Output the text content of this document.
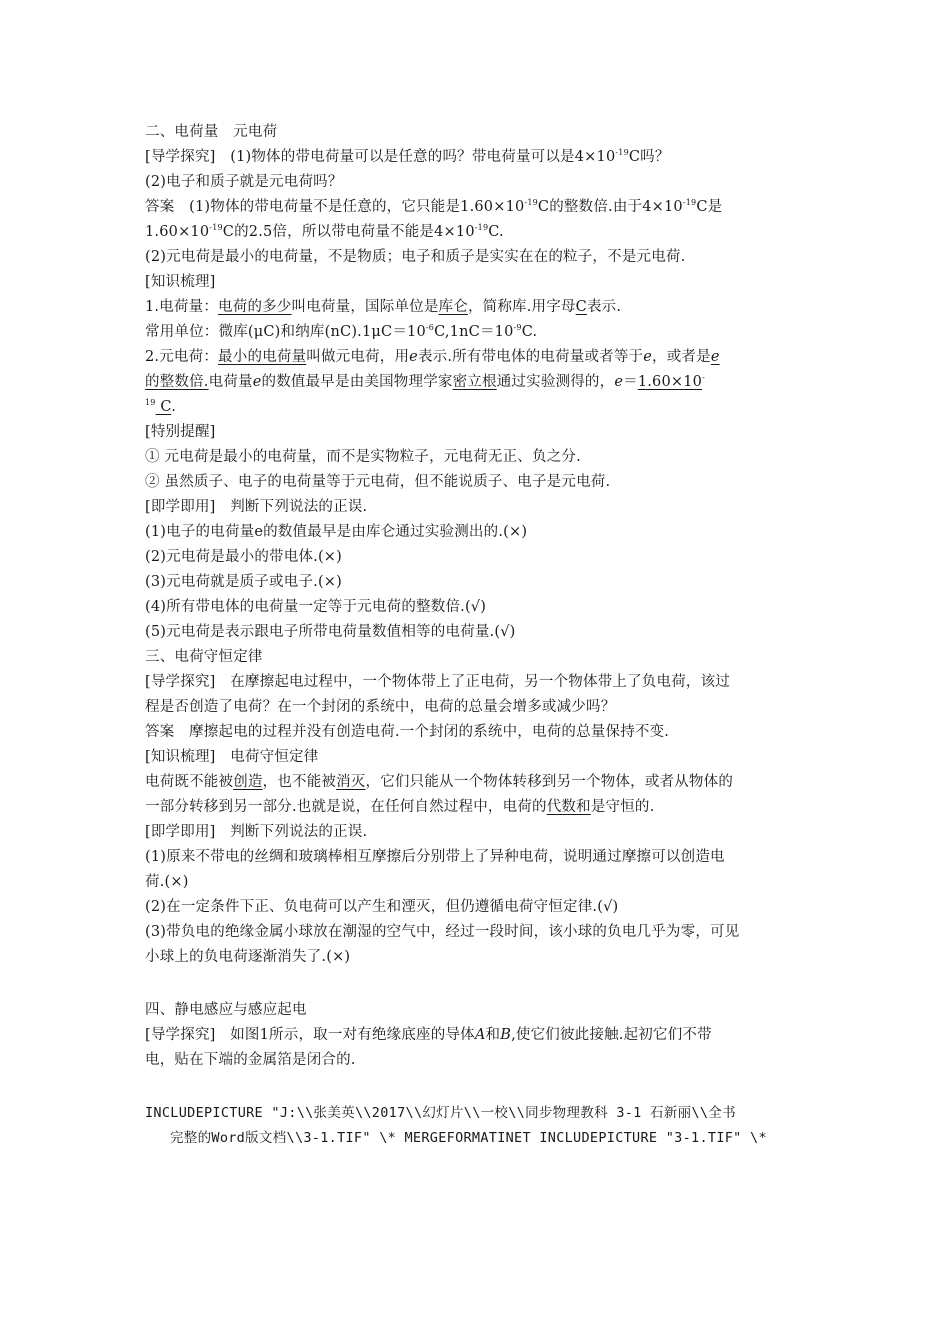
二、电荷量　元电荷
[导学探究]　(1)物体的带电荷量可以是任意的吗？带电荷量可以是$4\times 10^{-19}C$吗？
(2)电子和质子就是元电荷吗？
答案　(1)物体的带电荷量不是任意的，它只能是$1.60\times 10^{-19}C$的整数倍.由于$4\times 10^{-19}C$是
$1.60\times 10^{-19}C$的2.5倍，所以带电荷量不能是$4\times 10^{-19}C$.
(2)元电荷是最小的电荷量，不是物质；电子和质子是实实在在的粒子，不是元电荷.
[知识梳理]
1.电荷量：电荷的多少叫电荷量，国际单位是库仑，简称库.用字母C表示.
常用单位：微库(μC)和纳库$(nC).1\mu C=10^{-6}C,1nC=10^{-9}C$.
2.元电荷：最小的电荷量叫做元电荷，用e表示.所有带电体的电荷量或者等于e，或者是e
的整数倍.电荷量e的数值最早是由美国物理学家密立根通过实验测得的，e＝1.60×10-
$^{19}$ C.
[特别提醒]
① 元电荷是最小的电荷量，而不是实物粒子，元电荷无正、负之分.
② 虽然质子、电子的电荷量等于元电荷，但不能说质子、电子是元电荷.
[即学即用]　判断下列说法的正误.
(1)电子的电荷量e的数值最早是由库仑通过实验测出的.(×)
(2)元电荷是最小的带电体.(×)
(3)元电荷就是质子或电子.(×)
(4)所有带电体的电荷量一定等于元电荷的整数倍.(√)
(5)元电荷是表示跟电子所带电荷量数值相等的电荷量.(√)
三、电荷守恒定律
[导学探究]　在摩擦起电过程中，一个物体带上了正电荷，另一个物体带上了负电荷，该过
程是否创造了电荷？在一个封闭的系统中，电荷的总量会增多或减少吗？
答案　摩擦起电的过程并没有创造电荷.一个封闭的系统中，电荷的总量保持不变.
[知识梳理]　电荷守恒定律
电荷既不能被创造，也不能被消灭，它们只能从一个物体转移到另一个物体，或者从物体的
一部分转移到另一部分.也就是说，在任何自然过程中，电荷的代数和是守恒的.
[即学即用]　判断下列说法的正误.
(1)原来不带电的丝绸和玻璃棒相互摩擦后分别带上了异种电荷，说明通过摩擦可以创造电
荷.(×)
(2)在一定条件下正、负电荷可以产生和湮灭，但仍遵循电荷守恒定律.(√)
(3)带负电的绝缘金属小球放在潮湿的空气中，经过一段时间，该小球的负电几乎为零，可见
小球上的负电荷逐渐消失了.(×)
四、静电感应与感应起电
[导学探究]　如图1所示，取一对有绝缘底座的导体A和B,使它们彼此接触.起初它们不带
电，贴在下端的金属箔是闭合的.
INCLUDEPICTURE "J:\\张美英\\2017\\幻灯片\\一校\\同步物理教科 3-1 石新丽\\全书
完整的Word版文档\\3-1.TIF" \* MERGEFORMATINET INCLUDEPICTURE "3-1.TIF" \*
